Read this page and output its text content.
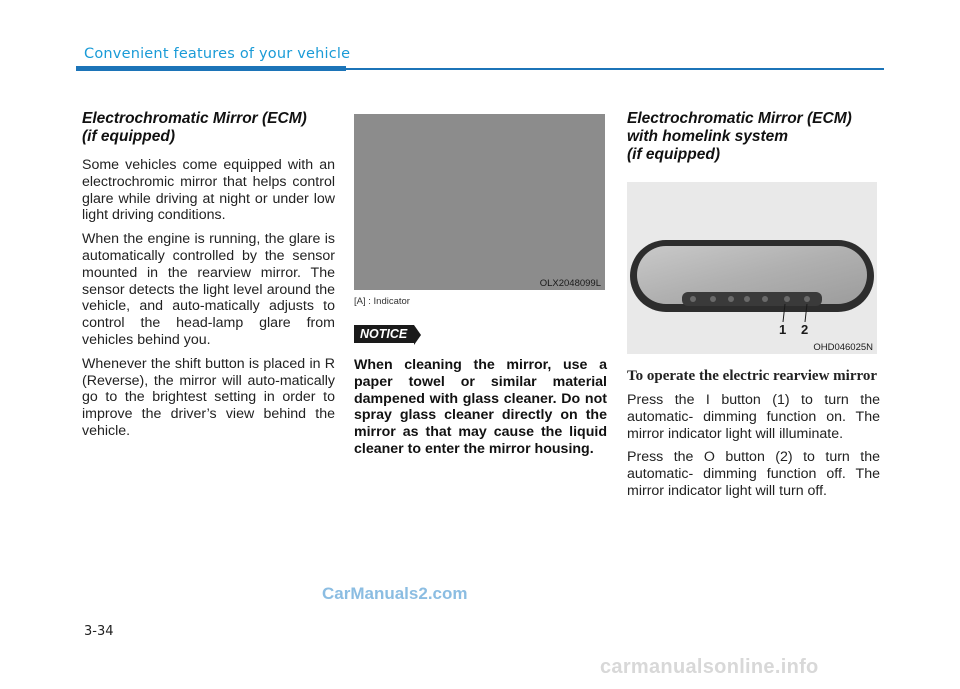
Convenient features of your vehicle
Electrochromatic Mirror (ECM)
(if equipped)

Some vehicles come equipped with an electrochromic mirror that helps control glare while driving at night or under low light driving conditions.

When the engine is running, the glare is automatically controlled by the sensor mounted in the rearview mirror. The sensor detects the light level around the vehicle, and auto-matically adjusts to control the head-lamp glare from vehicles behind you.

Whenever the shift button is placed in R (Reverse), the mirror will auto-matically go to the brightest setting in order to improve the driver’s view behind the vehicle.

OLX2048099L
[A] : Indicator
NOTICE

When cleaning the mirror, use a paper towel or similar material dampened with glass cleaner. Do not spray glass cleaner directly on the mirror as that may cause the liquid cleaner to enter the mirror housing.

Electrochromatic Mirror (ECM)
with homelink system
(if equipped)
1 2
OHD046025N
To operate the electric rearview mirror

Press the I button (1) to turn the automatic- dimming function on. The mirror indicator light will illuminate.

Press the O button (2) to turn the automatic- dimming function off. The mirror indicator light will turn off.

CarManuals2.com
3-34
carmanualsonline.info
